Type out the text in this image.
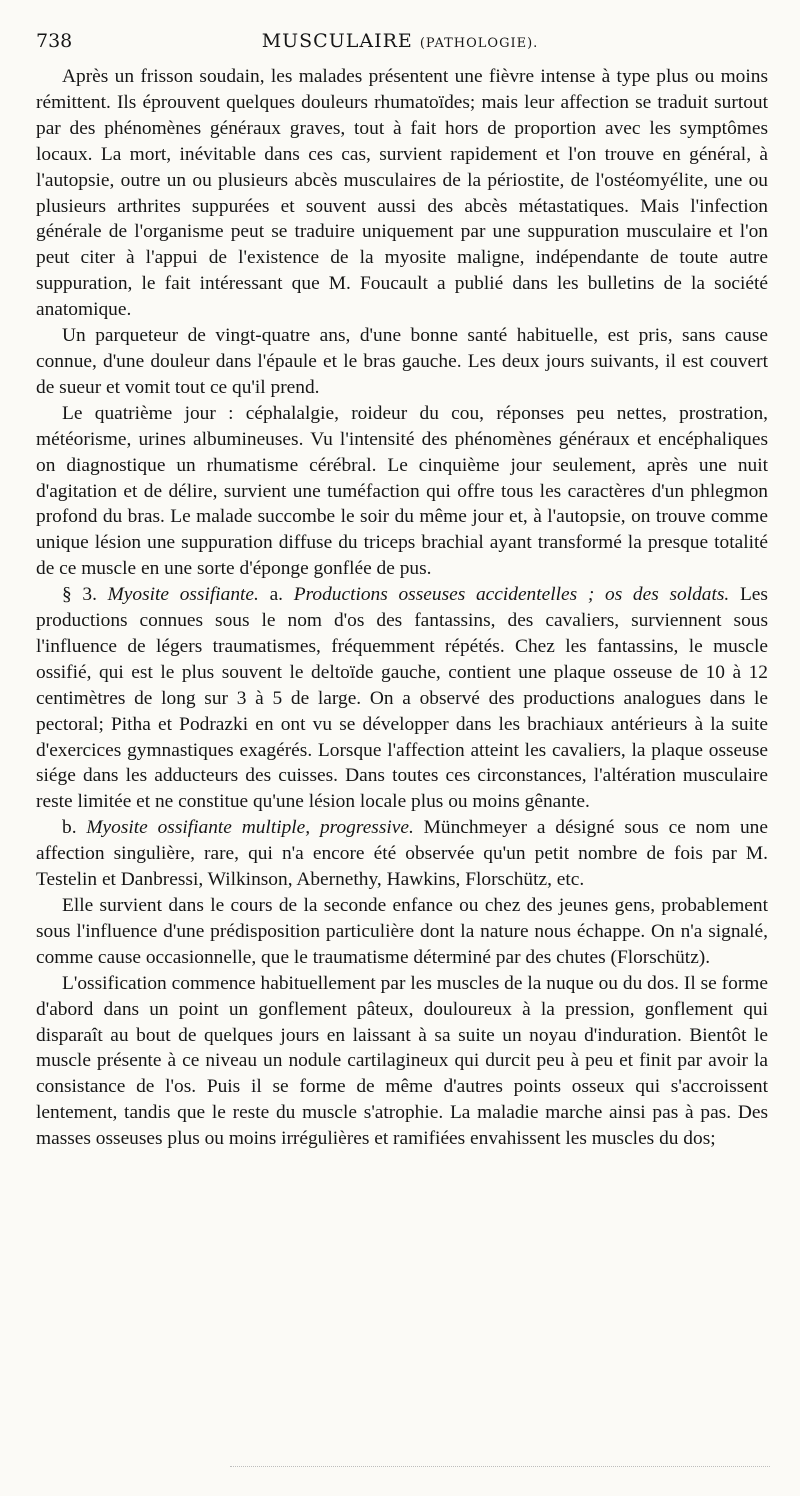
738	MUSCULAIRE (PATHOLOGIE).

Après un frisson soudain, les malades présentent une fièvre intense à type plus ou moins rémittent. Ils éprouvent quelques douleurs rhumatoïdes; mais leur affection se traduit surtout par des phénomènes généraux graves, tout à fait hors de proportion avec les symptômes locaux. La mort, inévitable dans ces cas, survient rapidement et l'on trouve en général, à l'autopsie, outre un ou plusieurs abcès musculaires de la périostite, de l'ostéomyélite, une ou plusieurs arthrites suppurées et souvent aussi des abcès métastatiques. Mais l'infection générale de l'organisme peut se traduire uniquement par une suppuration musculaire et l'on peut citer à l'appui de l'existence de la myosite maligne, indépendante de toute autre suppuration, le fait intéressant que M. Foucault a publié dans les bulletins de la société anatomique.

Un parqueteur de vingt-quatre ans, d'une bonne santé habituelle, est pris, sans cause connue, d'une douleur dans l'épaule et le bras gauche. Les deux jours suivants, il est couvert de sueur et vomit tout ce qu'il prend.

Le quatrième jour : céphalalgie, roideur du cou, réponses peu nettes, prostration, météorisme, urines albumineuses. Vu l'intensité des phénomènes généraux et encéphaliques on diagnostique un rhumatisme cérébral. Le cinquième jour seulement, après une nuit d'agitation et de délire, survient une tuméfaction qui offre tous les caractères d'un phlegmon profond du bras. Le malade succombe le soir du même jour et, à l'autopsie, on trouve comme unique lésion une suppuration diffuse du triceps brachial ayant transformé la presque totalité de ce muscle en une sorte d'éponge gonflée de pus.

§ 3. Myosite ossifiante. a. Productions osseuses accidentelles ; os des soldats. Les productions connues sous le nom d'os des fantassins, des cavaliers, surviennent sous l'influence de légers traumatismes, fréquemment répétés. Chez les fantassins, le muscle ossifié, qui est le plus souvent le deltoïde gauche, contient une plaque osseuse de 10 à 12 centimètres de long sur 3 à 5 de large. On a observé des productions analogues dans le pectoral; Pitha et Podrazki en ont vu se développer dans les brachiaux antérieurs à la suite d'exercices gymnastiques exagérés. Lorsque l'affection atteint les cavaliers, la plaque osseuse siége dans les adducteurs des cuisses. Dans toutes ces circonstances, l'altération musculaire reste limitée et ne constitue qu'une lésion locale plus ou moins gênante.

b. Myosite ossifiante multiple, progressive. Münchmeyer a désigné sous ce nom une affection singulière, rare, qui n'a encore été observée qu'un petit nombre de fois par M. Testelin et Danbressi, Wilkinson, Abernethy, Hawkins, Florschütz, etc.

Elle survient dans le cours de la seconde enfance ou chez des jeunes gens, probablement sous l'influence d'une prédisposition particulière dont la nature nous échappe. On n'a signalé, comme cause occasionnelle, que le traumatisme déterminé par des chutes (Florschütz).

L'ossification commence habituellement par les muscles de la nuque ou du dos. Il se forme d'abord dans un point un gonflement pâteux, douloureux à la pression, gonflement qui disparaît au bout de quelques jours en laissant à sa suite un noyau d'induration. Bientôt le muscle présente à ce niveau un nodule cartilagineux qui durcit peu à peu et finit par avoir la consistance de l'os. Puis il se forme de même d'autres points osseux qui s'accroissent lentement, tandis que le reste du muscle s'atrophie. La maladie marche ainsi pas à pas. Des masses osseuses plus ou moins irrégulières et ramifiées envahissent les muscles du dos;
